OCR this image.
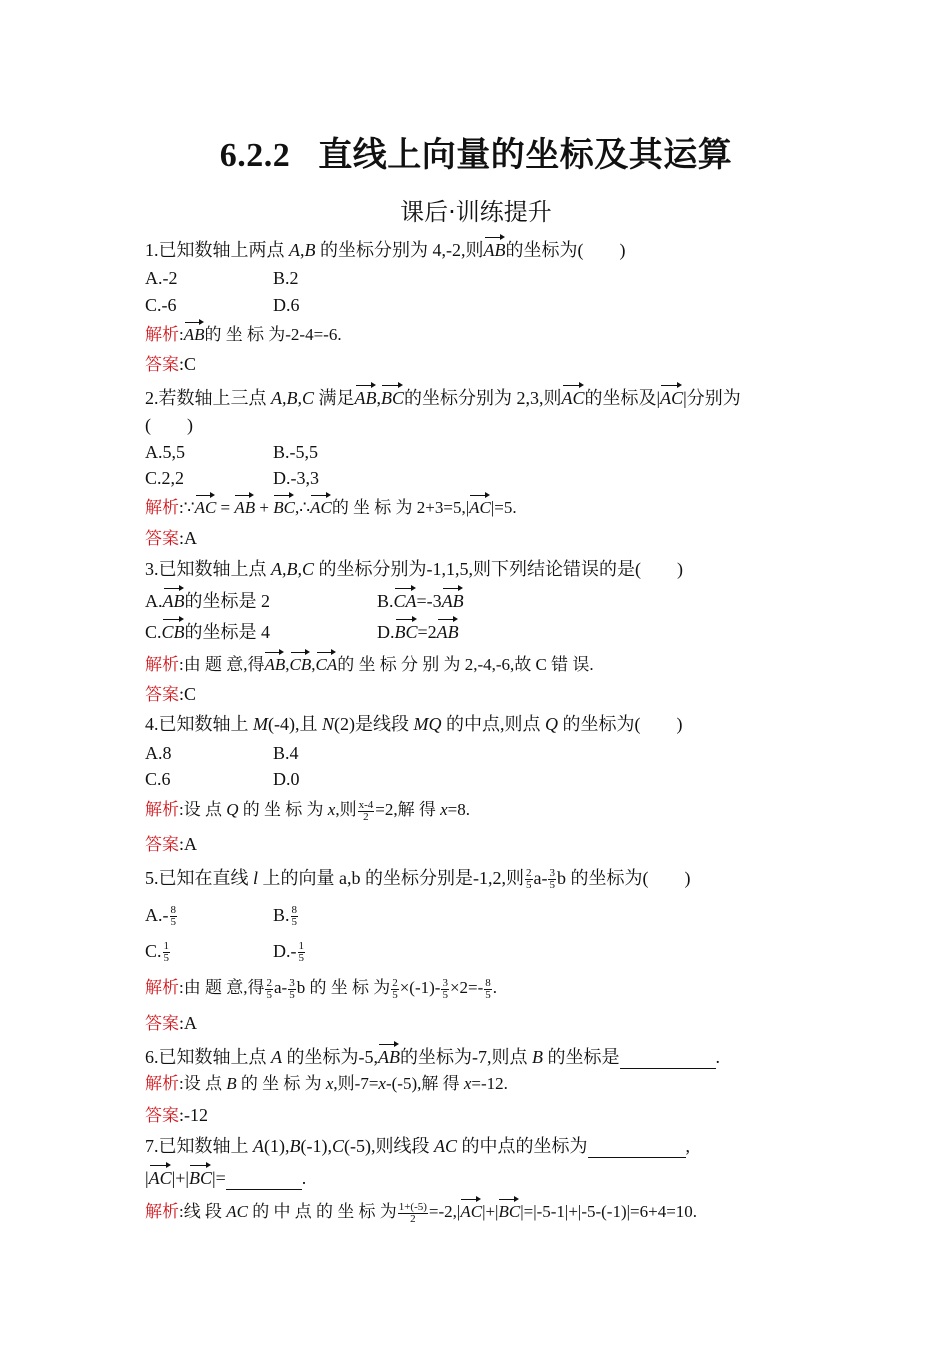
6.2.2 直线上向量的坐标及其运算
课后·训练提升
1.已知数轴上两点 A,B 的坐标分别为 4,-2,则AB的坐标为(　　)
A.-2	B.2
C.-6	D.6
解析:AB的 坐 标 为-2-4=-6.
答案:C
2.若数轴上三点 A,B,C 满足AB,BC的坐标分别为 2,3,则AC的坐标及|AC|分别为
(　　)
A.5,5	B.-5,5
C.2,2	D.-3,3
解析:∵AC = AB + BC,∴AC的 坐 标 为 2+3=5,|AC|=5.
答案:A
3.已知数轴上点 A,B,C 的坐标分别为-1,1,5,则下列结论错误的是(　　)
A.AB的坐标是 2	B.CA=-3AB
C.CB的坐标是 4	D.BC=2AB
解析:由 题 意,得AB,CB,CA的 坐 标 分 别 为 2,-4,-6,故 C 错 误.
答案:C
4.已知数轴上 M(-4),且 N(2)是线段 MQ 的中点,则点 Q 的坐标为(　　)
A.8	B.4
C.6	D.0
解析:设 点 Q 的 坐 标 为 x,则 $\frac{x-4}{2} =2$,解 得 x=8.
答案:A
5.已知在直线 l 上的向量 a,b 的坐标分别是-1,2,则 $\frac{2}{5} a- \frac{3}{5}$ b 的坐标为(　　)
$A.- \frac{8}{5}$	B. $\frac{8}{5}$
C. $\frac{1}{5}$	$D.- \frac{1}{5}$
解析:由 题 意,得 $\frac{2}{5} a- \frac{3}{5}$ b 的 坐 标 为 $\frac{2}{5} \times(-1)- \frac{3}{5} \times 2=- \frac{8}{5}$ .
答案:A
6.已知数轴上点 A 的坐标为-5,AB的坐标为-7,则点 B 的坐标是	.
解析:设 点 B 的 坐 标 为 x,则-7=x-(-5),解 得 x=-12.
答案:-12
7.已知数轴上 A(1),B(-1),C(-5),则线段 AC 的中点的坐标为	,
|AC|+|BC|=	.
解析:线 段 AC 的 中 点 的 坐 标 为 $\frac{1+(-5)}{2} =-2,|AC|+|BC|=|-5-1|+|-5-(-1)|=6+4=10$.
